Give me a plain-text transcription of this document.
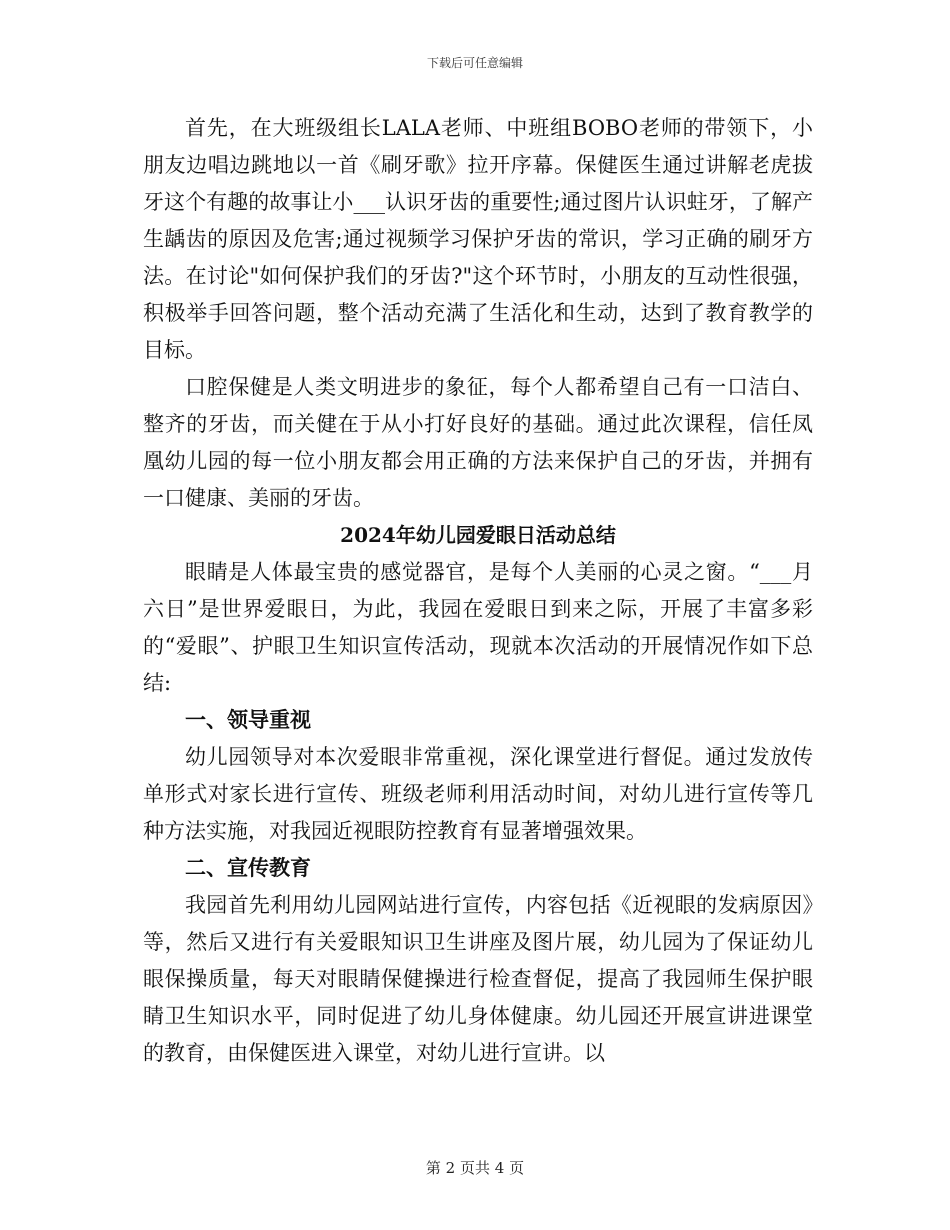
下载后可任意编辑

首先，在大班级组长LALA老师、中班组BOBO老师的带领下，小朋友边唱边跳地以一首《刷牙歌》拉开序幕。保健医生通过讲解老虎拔牙这个有趣的故事让小___认识牙齿的重要性;通过图片认识蛀牙，了解产生龋齿的原因及危害;通过视频学习保护牙齿的常识，学习正确的刷牙方法。在讨论"如何保护我们的牙齿?"这个环节时，小朋友的互动性很强，积极举手回答问题，整个活动充满了生活化和生动，达到了教育教学的目标。

口腔保健是人类文明进步的象征，每个人都希望自己有一口洁白、整齐的牙齿，而关健在于从小打好良好的基础。通过此次课程，信任凤凰幼儿园的每一位小朋友都会用正确的方法来保护自己的牙齿，并拥有一口健康、美丽的牙齿。

2024年幼儿园爱眼日活动总结

眼睛是人体最宝贵的感觉器官，是每个人美丽的心灵之窗。“___月六日”是世界爱眼日，为此，我园在爱眼日到来之际，开展了丰富多彩的“爱眼”、护眼卫生知识宣传活动，现就本次活动的开展情况作如下总结:

一、领导重视

幼儿园领导对本次爱眼非常重视，深化课堂进行督促。通过发放传单形式对家长进行宣传、班级老师利用活动时间，对幼儿进行宣传等几种方法实施，对我园近视眼防控教育有显著增强效果。

二、宣传教育

我园首先利用幼儿园网站进行宣传，内容包括《近视眼的发病原因》等，然后又进行有关爱眼知识卫生讲座及图片展，幼儿园为了保证幼儿眼保操质量，每天对眼睛保健操进行检查督促，提高了我园师生保护眼睛卫生知识水平，同时促进了幼儿身体健康。幼儿园还开展宣讲进课堂的教育，由保健医进入课堂，对幼儿进行宣讲。以

第 2 页共 4 页
